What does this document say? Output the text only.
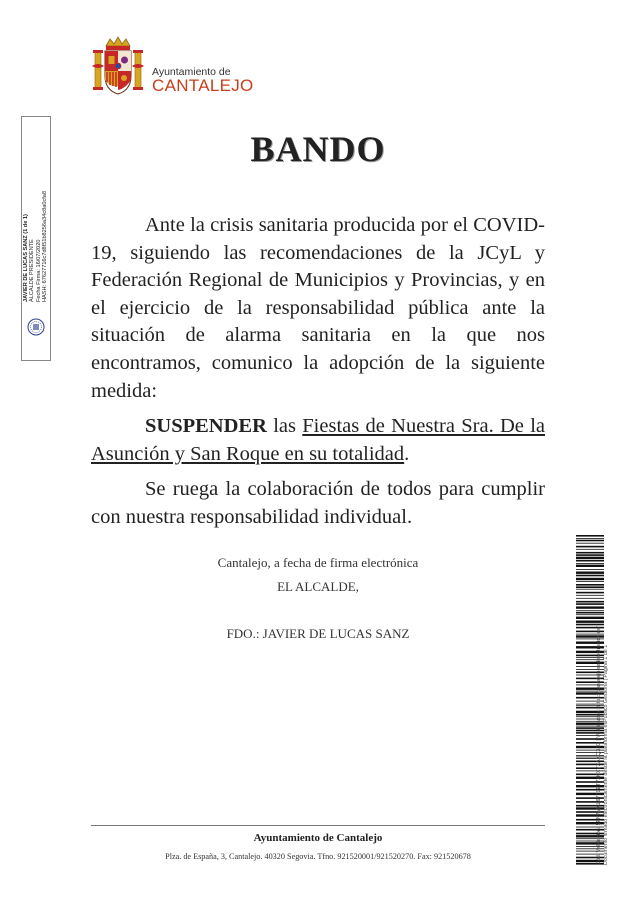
Ayuntamiento de
CANTALEJO
JAVIER DE LUCAS SANZ (1 de 1) ALCALDE PRESIDENTE Fecha Firma: 16/07/2020 HASH: 67627716c7d8f51b8256a34c8a0cfa8
BANDO

Ante la crisis sanitaria producida por el COVID-19, siguiendo las recomendaciones de la JCyL y Federación Regional de Municipios y Provincias, y en el ejercicio de la responsabilidad pública ante la situación de alarma sanitaria en la que nos encontramos, comunico la adopción de la siguiente medida:

SUSPENDER las Fiestas de Nuestra Sra. De la Asunción y San Roque en su totalidad.

Se ruega la colaboración de todos para cumplir con nuestra responsabilidad individual.

Cantalejo, a fecha de firma electrónica
EL ALCALDE,
FDO.: JAVIER DE LUCAS SANZ
Ayuntamiento de Cantalejo
Plza. de España, 3, Cantalejo. 40320 Segovia. Tfno. 921520001/921520270. Fax: 921520678	Cód. Validación: 5FN7MAL67T9ET72KXYZAKQ3JG | Verificación: https://cantalejo.sedelectronica.es/ Documento firmado electrónicamente desde la plataforma esPublico Gestiona | Página 1 de 1
